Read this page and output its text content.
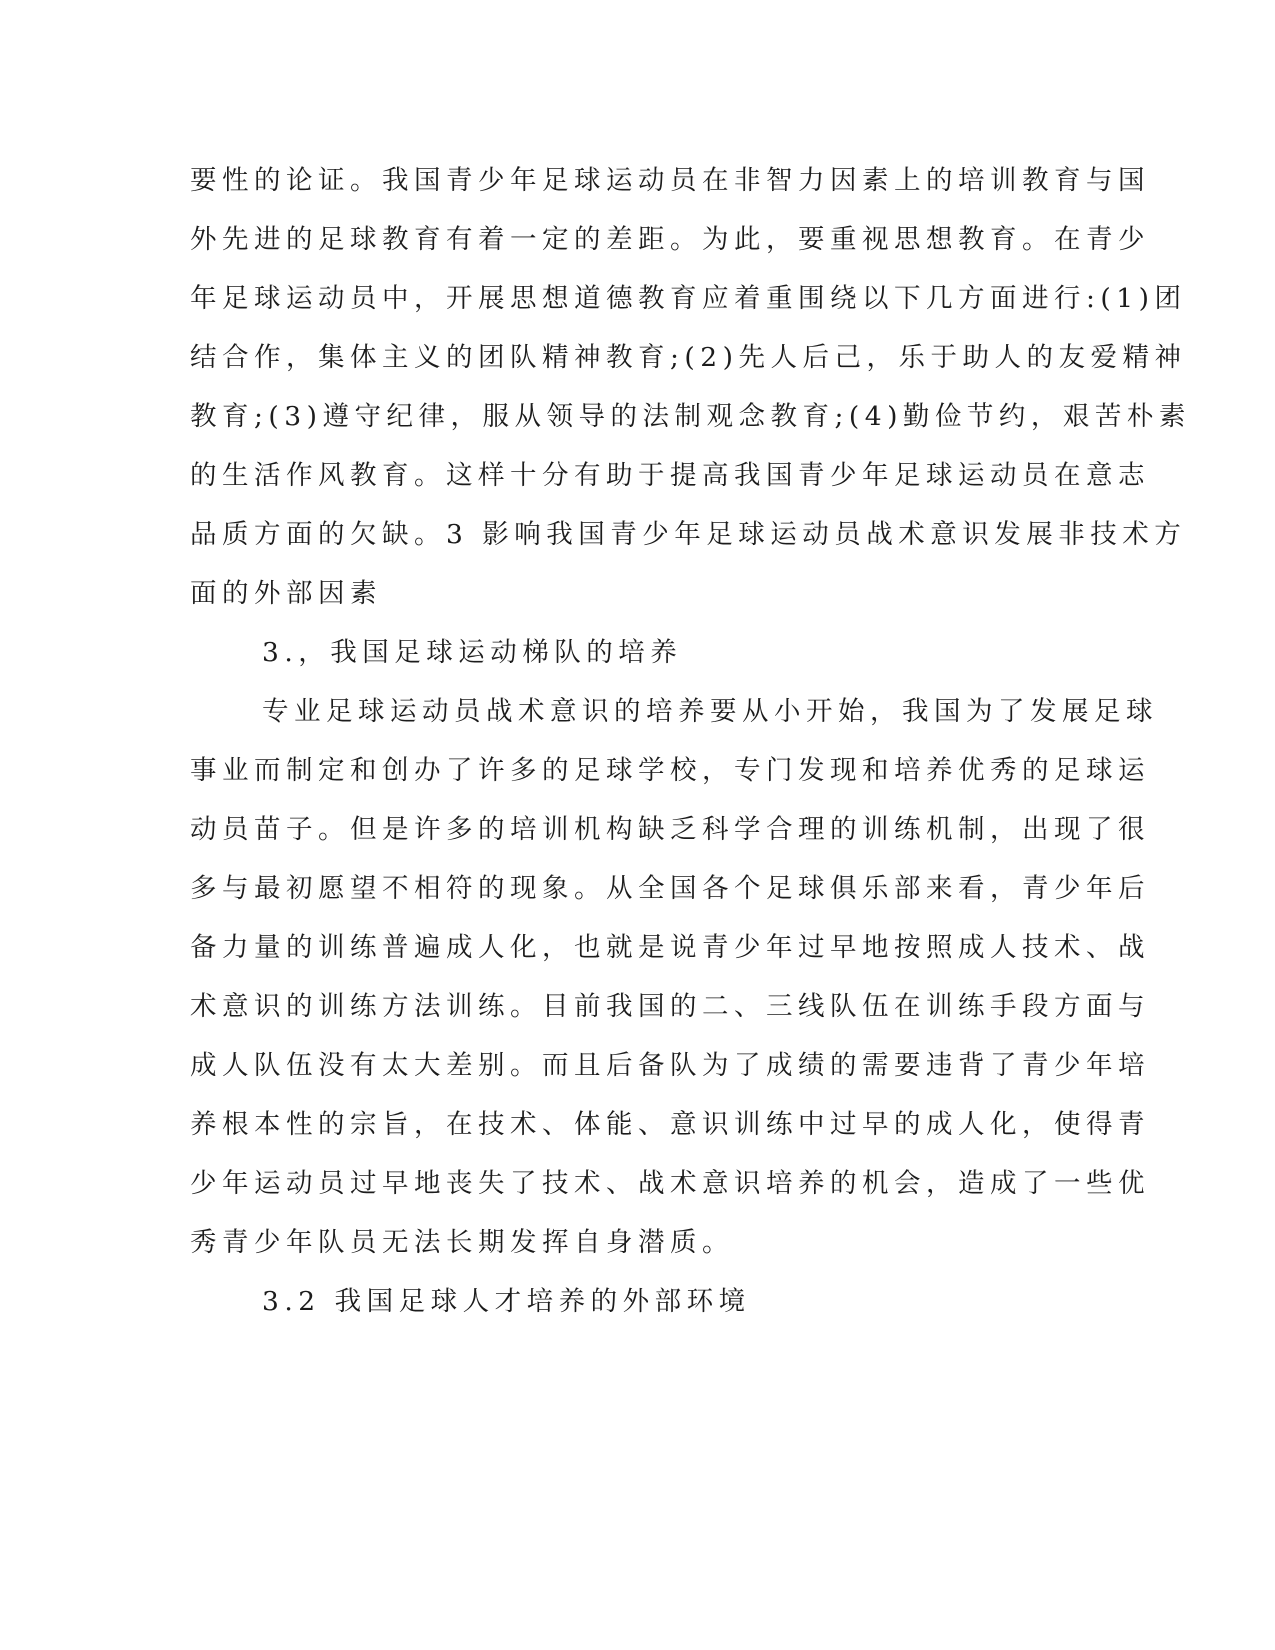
要性的论证。我国青少年足球运动员在非智力因素上的培训教育与国
外先进的足球教育有着一定的差距。为此，要重视思想教育。在青少
年足球运动员中，开展思想道德教育应着重围绕以下几方面进行:(1)团
结合作，集体主义的团队精神教育;(2)先人后己，乐于助人的友爱精神
教育;(3)遵守纪律，服从领导的法制观念教育;(4)勤俭节约，艰苦朴素
的生活作风教育。这样十分有助于提高我国青少年足球运动员在意志
品质方面的欠缺。3 影响我国青少年足球运动员战术意识发展非技术方
面的外部因素
3.，我国足球运动梯队的培养
专业足球运动员战术意识的培养要从小开始，我国为了发展足球
事业而制定和创办了许多的足球学校，专门发现和培养优秀的足球运
动员苗子。但是许多的培训机构缺乏科学合理的训练机制，出现了很
多与最初愿望不相符的现象。从全国各个足球俱乐部来看，青少年后
备力量的训练普遍成人化，也就是说青少年过早地按照成人技术、战
术意识的训练方法训练。目前我国的二、三线队伍在训练手段方面与
成人队伍没有太大差别。而且后备队为了成绩的需要违背了青少年培
养根本性的宗旨，在技术、体能、意识训练中过早的成人化，使得青
少年运动员过早地丧失了技术、战术意识培养的机会，造成了一些优
秀青少年队员无法长期发挥自身潜质。
3.2 我国足球人才培养的外部环境
